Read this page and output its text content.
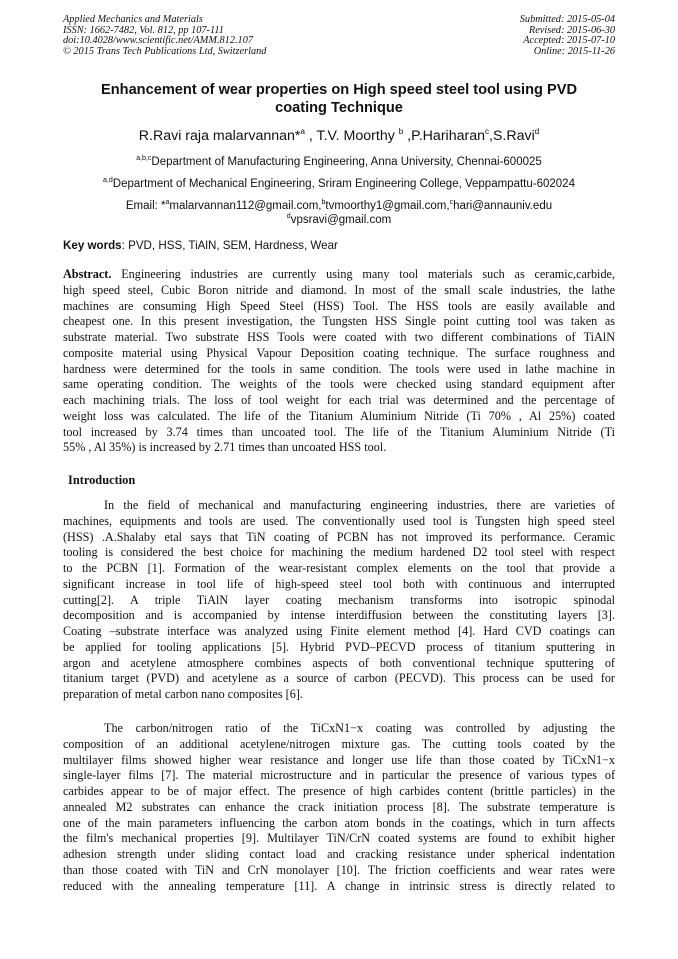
Applied Mechanics and Materials
ISSN: 1662-7482, Vol. 812, pp 107-111
doi:10.4028/www.scientific.net/AMM.812.107
© 2015 Trans Tech Publications Ltd, Switzerland
Submitted: 2015-05-04
Revised: 2015-06-30
Accepted: 2015-07-10
Online: 2015-11-26
Enhancement of wear properties on High speed steel tool using PVD
coating Technique
R.Ravi raja malarvannan*$^a$ , T.V. Moorthy $^b$ ,P.Hariharan$^c$,S.Ravi$^d$
$^{a,b,c}$Department of Manufacturing Engineering, Anna University, Chennai-600025
$^{a,d}$Department of Mechanical Engineering, Sriram Engineering College, Veppampattu-602024
Email: *$^a$malarvannan112@gmail.com,$^b$tvmoorthy1@gmail.com,$^c$hari@annauniv.edu
$^d$vpsravi@gmail.com
Key words: PVD, HSS, TiAlN, SEM, Hardness, Wear
Abstract. Engineering industries are currently using many tool materials such as ceramic,carbide,
high speed steel, Cubic Boron nitride and diamond. In most of the small scale industries, the lathe
machines are consuming High Speed Steel (HSS) Tool. The HSS tools are easily available and
cheapest one. In this present investigation, the Tungsten HSS Single point cutting tool was taken as
substrate material. Two substrate HSS Tools were coated with two different combinations of TiAlN
composite material using Physical Vapour Deposition coating technique. The surface roughness and
hardness were determined for the tools in same condition. The tools were used in lathe machine in
same operating condition. The weights of the tools were checked using standard equipment after
each machining trials. The loss of tool weight for each trial was determined and the percentage of
weight loss was calculated. The life of the Titanium Aluminium Nitride (Ti 70% , Al 25%) coated
tool increased by 3.74 times than uncoated tool. The life of the Titanium Aluminium Nitride (Ti
55% , Al 35%) is increased by 2.71 times than uncoated HSS tool.
Introduction
In the field of mechanical and manufacturing engineering industries, there are varieties of
machines, equipments and tools are used. The conventionally used tool is Tungsten high speed steel
(HSS) .A.Shalaby etal says that TiN coating of PCBN has not improved its performance. Ceramic
tooling is considered the best choice for machining the medium hardened D2 tool steel with respect
to the PCBN [1]. Formation of the wear-resistant complex elements on the tool that provide a
significant increase in tool life of high-speed steel tool both with continuous and interrupted
cutting[2]. A triple TiAlN layer coating mechanism transforms into isotropic spinodal
decomposition and is accompanied by intense interdiffusion between the constituting layers [3].
Coating –substrate interface was analyzed using Finite element method [4]. Hard CVD coatings can
be applied for tooling applications [5]. Hybrid PVD–PECVD process of titanium sputtering in
argon and acetylene atmosphere combines aspects of both conventional technique sputtering of
titanium target (PVD) and acetylene as a source of carbon (PECVD). This process can be used for
preparation of metal carbon nano composites [6].
The carbon/nitrogen ratio of the TiCxN1−x coating was controlled by adjusting the
composition of an additional acetylene/nitrogen mixture gas. The cutting tools coated by the
multilayer films showed higher wear resistance and longer use life than those coated by TiCxN1−x
single-layer films [7]. The material microstructure and in particular the presence of various types of
carbides appear to be of major effect. The presence of high carbides content (brittle particles) in the
annealed M2 substrates can enhance the crack initiation process [8]. The substrate temperature is
one of the main parameters influencing the carbon atom bonds in the coatings, which in turn affects
the film's mechanical properties [9]. Multilayer TiN/CrN coated systems are found to exhibit higher
adhesion strength under sliding contact load and cracking resistance under spherical indentation
than those coated with TiN and CrN monolayer [10]. The friction coefficients and wear rates were
reduced with the annealing temperature [11]. A change in intrinsic stress is directly related to
